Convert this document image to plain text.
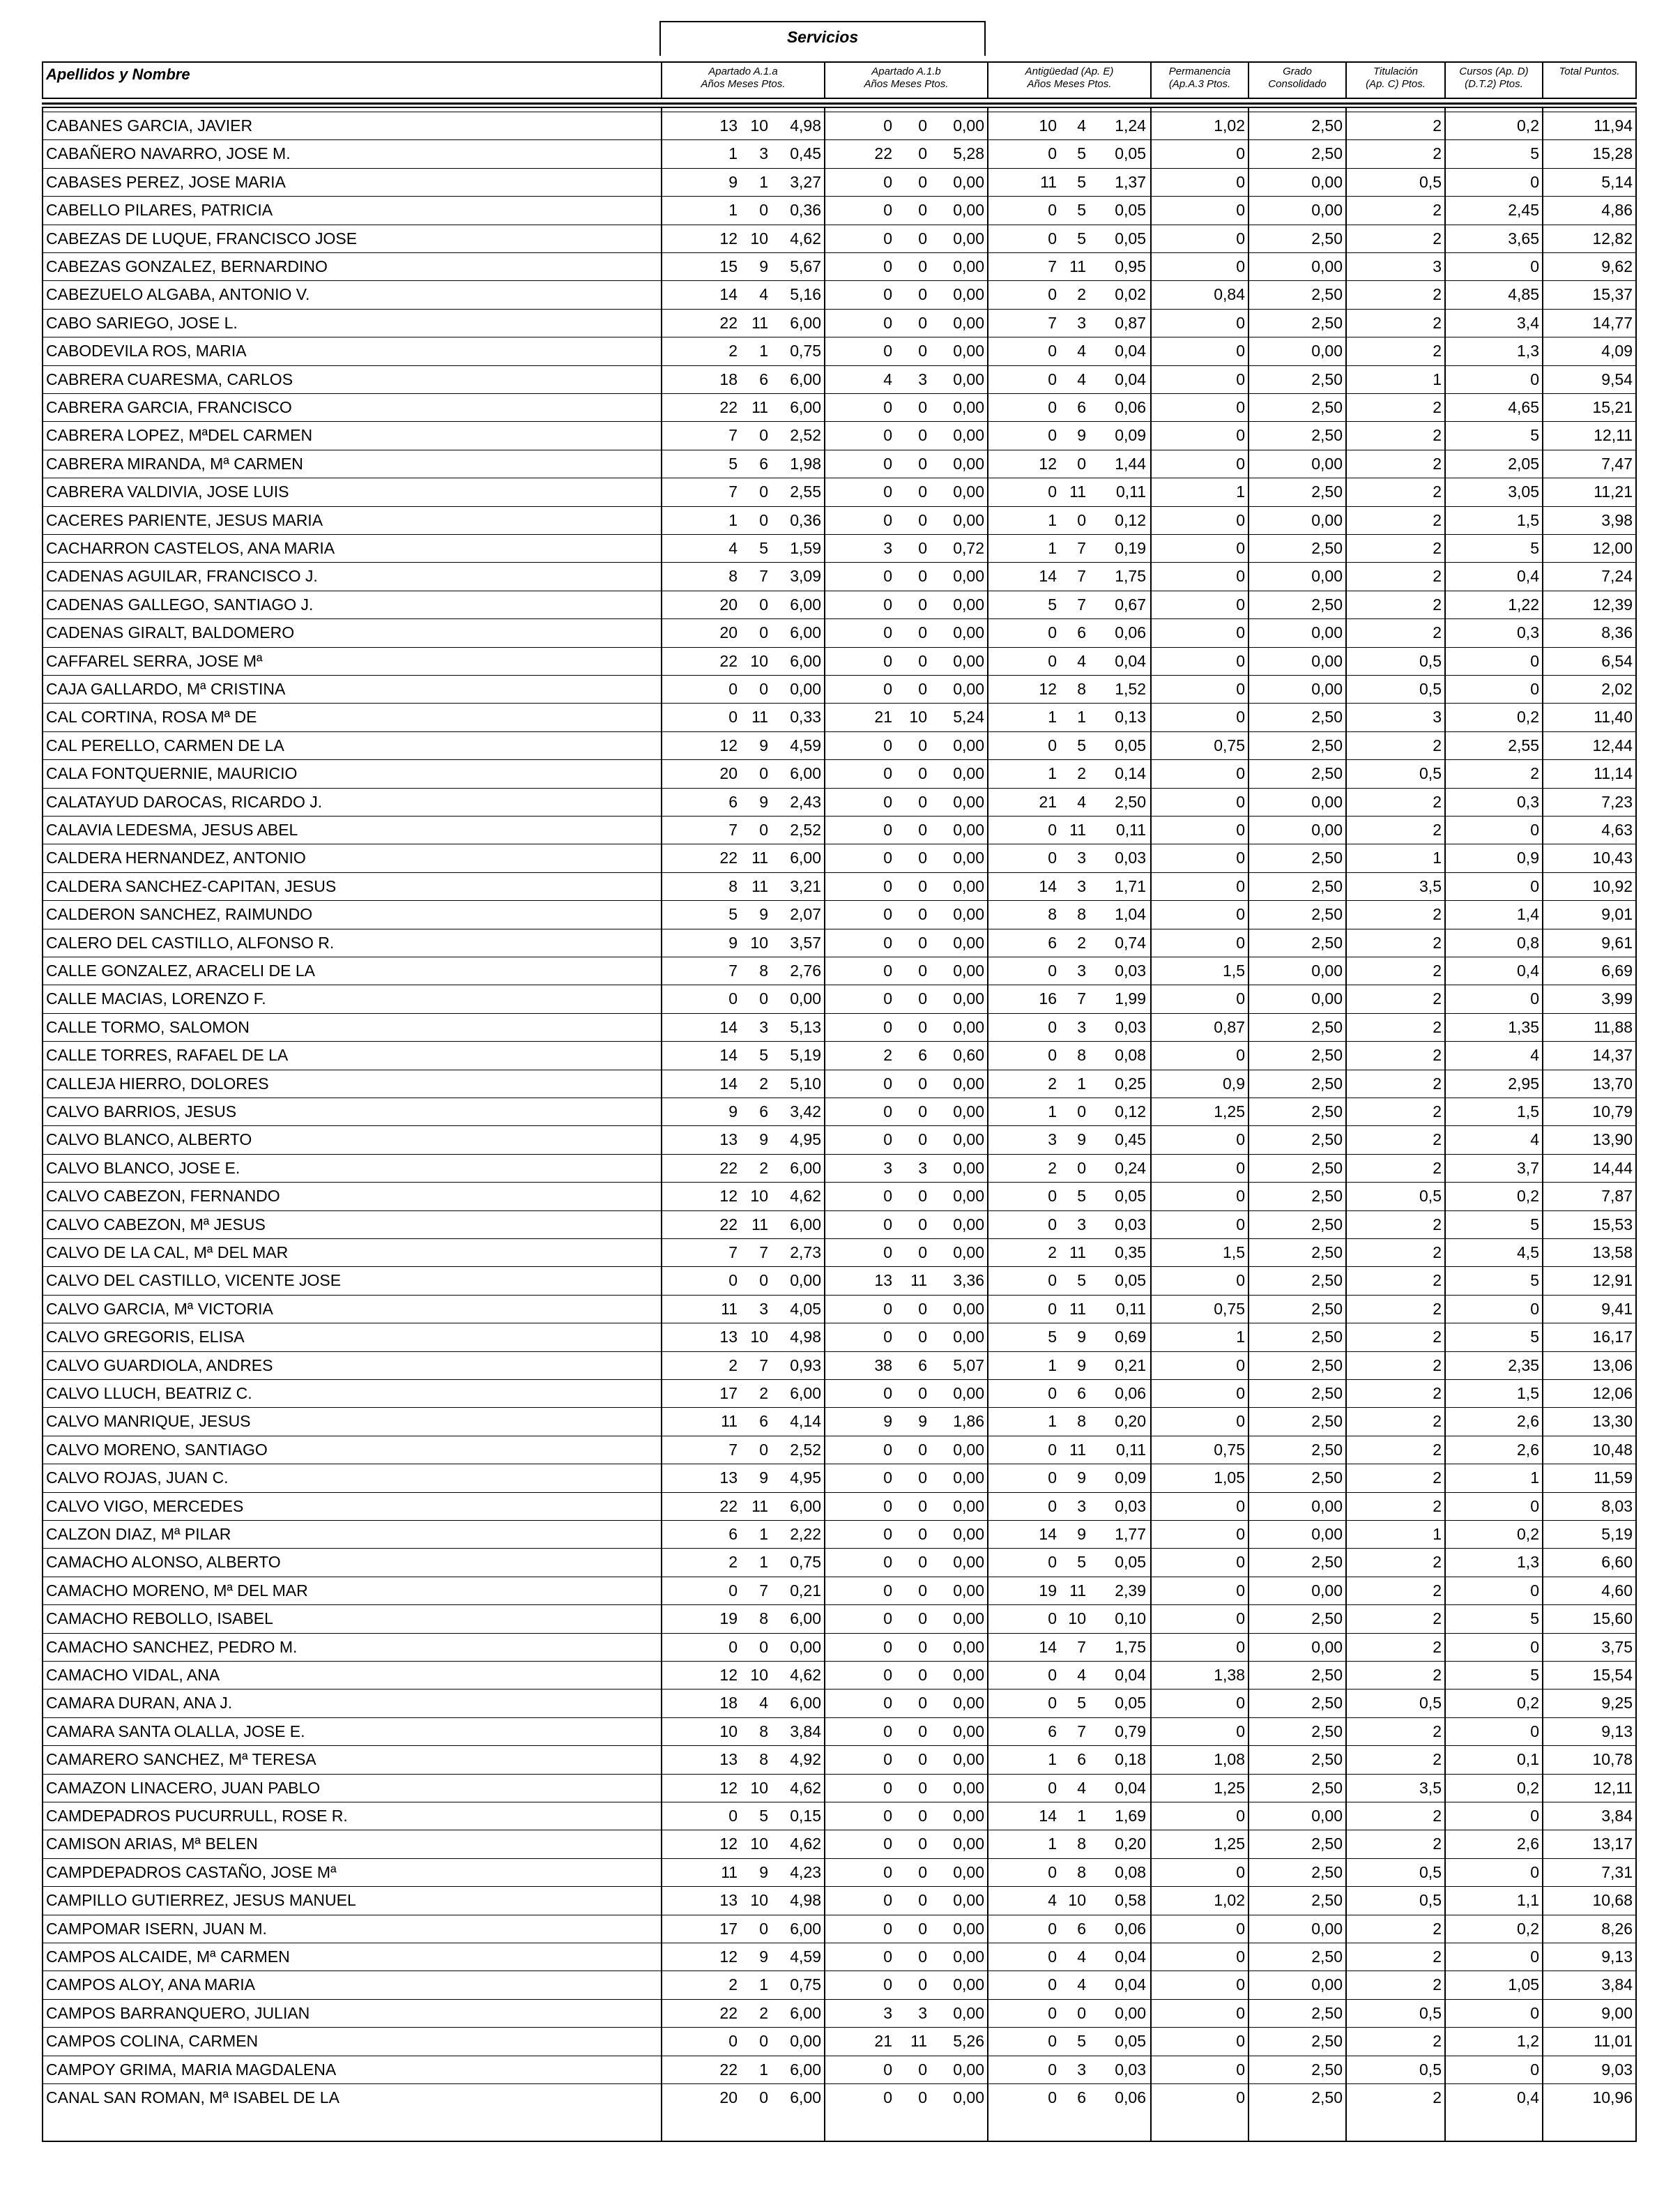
Servicios
Apellidos y Nombre	Apartado A.1.a
Años Meses Ptos.
Apartado A.1.b
Años Meses Ptos.
Antigüedad (Ap. E)
Años Meses Ptos.
Permanencia
(Ap.A.3 Ptos.
Grado
Consolidado
Titulación
(Ap. C) Ptos.
Cursos (Ap. D)
(D.T.2) Ptos.
Total Puntos.
CABANES GARCIA, JAVIER	13 10 4,98	0 0 0,00	10 4 1,24	1,02	2,50	2	0,2	11,94
CABAÑERO NAVARRO, JOSE M.	1 3 0,45	22 0 5,28	0 5 0,05	0	2,50	2	5	15,28
CABASES PEREZ, JOSE MARIA	9 1 3,27	0 0 0,00	11 5 1,37	0	0,00	0,5	0	5,14
CABELLO PILARES, PATRICIA	1 0 0,36	0 0 0,00	0 5 0,05	0	0,00	2	2,45	4,86
CABEZAS DE LUQUE, FRANCISCO JOSE	12 10 4,62	0 0 0,00	0 5 0,05	0	2,50	2	3,65	12,82
CABEZAS GONZALEZ, BERNARDINO	15 9 5,67	0 0 0,00	7 11 0,95	0	0,00	3	0	9,62
CABEZUELO ALGABA, ANTONIO V.	14 4 5,16	0 0 0,00	0 2 0,02	0,84	2,50	2	4,85	15,37
CABO SARIEGO, JOSE L.	22 11 6,00	0 0 0,00	7 3 0,87	0	2,50	2	3,4	14,77
CABODEVILA ROS, MARIA	2 1 0,75	0 0 0,00	0 4 0,04	0	0,00	2	1,3	4,09
CABRERA CUARESMA, CARLOS	18 6 6,00	4 3 0,00	0 4 0,04	0	2,50	1	0	9,54
CABRERA GARCIA, FRANCISCO	22 11 6,00	0 0 0,00	0 6 0,06	0	2,50	2	4,65	15,21
CABRERA LOPEZ, MªDEL CARMEN	7 0 2,52	0 0 0,00	0 9 0,09	0	2,50	2	5	12,11
CABRERA MIRANDA, Mª CARMEN	5 6 1,98	0 0 0,00	12 0 1,44	0	0,00	2	2,05	7,47
CABRERA VALDIVIA, JOSE LUIS	7 0 2,55	0 0 0,00	0 11 0,11	1	2,50	2	3,05	11,21
CACERES PARIENTE, JESUS MARIA	1 0 0,36	0 0 0,00	1 0 0,12	0	0,00	2	1,5	3,98
CACHARRON CASTELOS, ANA MARIA	4 5 1,59	3 0 0,72	1 7 0,19	0	2,50	2	5	12,00
CADENAS AGUILAR, FRANCISCO J.	8 7 3,09	0 0 0,00	14 7 1,75	0	0,00	2	0,4	7,24
CADENAS GALLEGO, SANTIAGO J.	20 0 6,00	0 0 0,00	5 7 0,67	0	2,50	2	1,22	12,39
CADENAS GIRALT, BALDOMERO	20 0 6,00	0 0 0,00	0 6 0,06	0	0,00	2	0,3	8,36
CAFFAREL SERRA, JOSE Mª	22 10 6,00	0 0 0,00	0 4 0,04	0	0,00	0,5	0	6,54
CAJA GALLARDO, Mª CRISTINA	0 0 0,00	0 0 0,00	12 8 1,52	0	0,00	0,5	0	2,02
CAL CORTINA, ROSA Mª DE	0 11 0,33	21 10 5,24	1 1 0,13	0	2,50	3	0,2	11,40
CAL PERELLO, CARMEN DE LA	12 9 4,59	0 0 0,00	0 5 0,05	0,75	2,50	2	2,55	12,44
CALA FONTQUERNIE, MAURICIO	20 0 6,00	0 0 0,00	1 2 0,14	0	2,50	0,5	2	11,14
CALATAYUD DAROCAS, RICARDO J.	6 9 2,43	0 0 0,00	21 4 2,50	0	0,00	2	0,3	7,23
CALAVIA LEDESMA, JESUS ABEL	7 0 2,52	0 0 0,00	0 11 0,11	0	0,00	2	0	4,63
CALDERA HERNANDEZ, ANTONIO	22 11 6,00	0 0 0,00	0 3 0,03	0	2,50	1	0,9	10,43
CALDERA SANCHEZ-CAPITAN, JESUS	8 11 3,21	0 0 0,00	14 3 1,71	0	2,50	3,5	0	10,92
CALDERON SANCHEZ, RAIMUNDO	5 9 2,07	0 0 0,00	8 8 1,04	0	2,50	2	1,4	9,01
CALERO DEL CASTILLO, ALFONSO R.	9 10 3,57	0 0 0,00	6 2 0,74	0	2,50	2	0,8	9,61
CALLE GONZALEZ, ARACELI DE LA	7 8 2,76	0 0 0,00	0 3 0,03	1,5	0,00	2	0,4	6,69
CALLE MACIAS, LORENZO F.	0 0 0,00	0 0 0,00	16 7 1,99	0	0,00	2	0	3,99
CALLE TORMO, SALOMON	14 3 5,13	0 0 0,00	0 3 0,03	0,87	2,50	2	1,35	11,88
CALLE TORRES, RAFAEL DE LA	14 5 5,19	2 6 0,60	0 8 0,08	0	2,50	2	4	14,37
CALLEJA HIERRO, DOLORES	14 2 5,10	0 0 0,00	2 1 0,25	0,9	2,50	2	2,95	13,70
CALVO BARRIOS, JESUS	9 6 3,42	0 0 0,00	1 0 0,12	1,25	2,50	2	1,5	10,79
CALVO BLANCO, ALBERTO	13 9 4,95	0 0 0,00	3 9 0,45	0	2,50	2	4	13,90
CALVO BLANCO, JOSE E.	22 2 6,00	3 3 0,00	2 0 0,24	0	2,50	2	3,7	14,44
CALVO CABEZON, FERNANDO	12 10 4,62	0 0 0,00	0 5 0,05	0	2,50	0,5	0,2	7,87
CALVO CABEZON, Mª JESUS	22 11 6,00	0 0 0,00	0 3 0,03	0	2,50	2	5	15,53
CALVO DE LA CAL, Mª DEL MAR	7 7 2,73	0 0 0,00	2 11 0,35	1,5	2,50	2	4,5	13,58
CALVO DEL CASTILLO, VICENTE JOSE	0 0 0,00	13 11 3,36	0 5 0,05	0	2,50	2	5	12,91
CALVO GARCIA, Mª VICTORIA	11 3 4,05	0 0 0,00	0 11 0,11	0,75	2,50	2	0	9,41
CALVO GREGORIS, ELISA	13 10 4,98	0 0 0,00	5 9 0,69	1	2,50	2	5	16,17
CALVO GUARDIOLA, ANDRES	2 7 0,93	38 6 5,07	1 9 0,21	0	2,50	2	2,35	13,06
CALVO LLUCH, BEATRIZ C.	17 2 6,00	0 0 0,00	0 6 0,06	0	2,50	2	1,5	12,06
CALVO MANRIQUE, JESUS	11 6 4,14	9 9 1,86	1 8 0,20	0	2,50	2	2,6	13,30
CALVO MORENO, SANTIAGO	7 0 2,52	0 0 0,00	0 11 0,11	0,75	2,50	2	2,6	10,48
CALVO ROJAS, JUAN C.	13 9 4,95	0 0 0,00	0 9 0,09	1,05	2,50	2	1	11,59
CALVO VIGO, MERCEDES	22 11 6,00	0 0 0,00	0 3 0,03	0	0,00	2	0	8,03
CALZON DIAZ, Mª PILAR	6 1 2,22	0 0 0,00	14 9 1,77	0	0,00	1	0,2	5,19
CAMACHO ALONSO, ALBERTO	2 1 0,75	0 0 0,00	0 5 0,05	0	2,50	2	1,3	6,60
CAMACHO MORENO, Mª DEL MAR	0 7 0,21	0 0 0,00	19 11 2,39	0	0,00	2	0	4,60
CAMACHO REBOLLO, ISABEL	19 8 6,00	0 0 0,00	0 10 0,10	0	2,50	2	5	15,60
CAMACHO SANCHEZ, PEDRO M.	0 0 0,00	0 0 0,00	14 7 1,75	0	0,00	2	0	3,75
CAMACHO VIDAL, ANA	12 10 4,62	0 0 0,00	0 4 0,04	1,38	2,50	2	5	15,54
CAMARA DURAN, ANA J.	18 4 6,00	0 0 0,00	0 5 0,05	0	2,50	0,5	0,2	9,25
CAMARA SANTA OLALLA, JOSE E.	10 8 3,84	0 0 0,00	6 7 0,79	0	2,50	2	0	9,13
CAMARERO SANCHEZ, Mª TERESA	13 8 4,92	0 0 0,00	1 6 0,18	1,08	2,50	2	0,1	10,78
CAMAZON LINACERO, JUAN PABLO	12 10 4,62	0 0 0,00	0 4 0,04	1,25	2,50	3,5	0,2	12,11
CAMDEPADROS PUCURRULL, ROSE R.	0 5 0,15	0 0 0,00	14 1 1,69	0	0,00	2	0	3,84
CAMISON ARIAS, Mª BELEN	12 10 4,62	0 0 0,00	1 8 0,20	1,25	2,50	2	2,6	13,17
CAMPDEPADROS CASTAÑO, JOSE Mª	11 9 4,23	0 0 0,00	0 8 0,08	0	2,50	0,5	0	7,31
CAMPILLO GUTIERREZ, JESUS MANUEL	13 10 4,98	0 0 0,00	4 10 0,58	1,02	2,50	0,5	1,1	10,68
CAMPOMAR ISERN, JUAN M.	17 0 6,00	0 0 0,00	0 6 0,06	0	0,00	2	0,2	8,26
CAMPOS ALCAIDE, Mª CARMEN	12 9 4,59	0 0 0,00	0 4 0,04	0	2,50	2	0	9,13
CAMPOS ALOY, ANA MARIA	2 1 0,75	0 0 0,00	0 4 0,04	0	0,00	2	1,05	3,84
CAMPOS BARRANQUERO, JULIAN	22 2 6,00	3 3 0,00	0 0 0,00	0	2,50	0,5	0	9,00
CAMPOS COLINA, CARMEN	0 0 0,00	21 11 5,26	0 5 0,05	0	2,50	2	1,2	11,01
CAMPOY GRIMA, MARIA MAGDALENA	22 1 6,00	0 0 0,00	0 3 0,03	0	2,50	0,5	0	9,03
CANAL SAN ROMAN, Mª ISABEL DE LA	20 0 6,00	0 0 0,00	0 6 0,06	0	2,50	2	0,4	10,96
